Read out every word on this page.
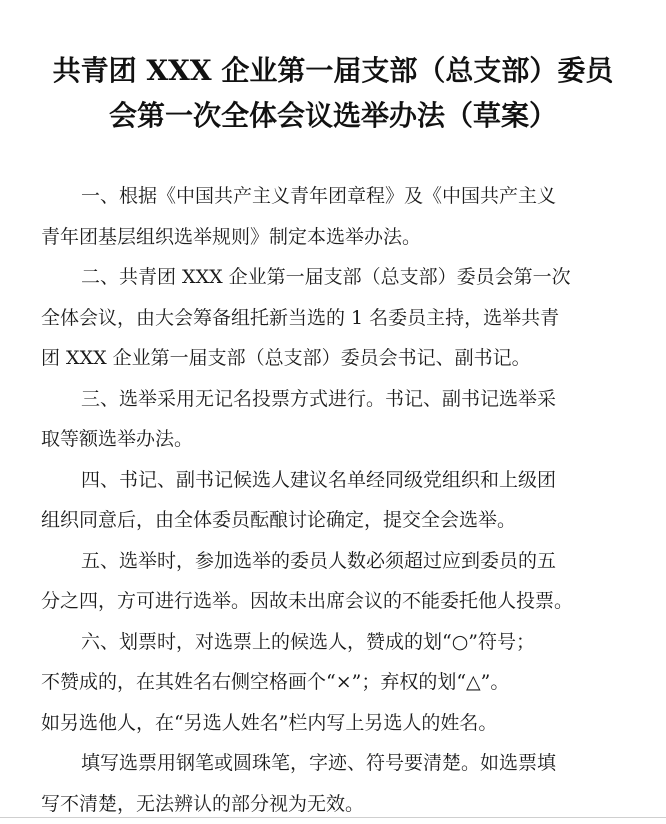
共青团 XXX 企业第一届支部（总支部）委员
会第一次全体会议选举办法（草案）

一、根据《中国共产主义青年团章程》及《中国共产主义
青年团基层组织选举规则》制定本选举办法。

二、共青团 XXX 企业第一届支部（总支部）委员会第一次
全体会议，由大会筹备组托新当选的 1 名委员主持，选举共青
团 XXX 企业第一届支部（总支部）委员会书记、副书记。

三、选举采用无记名投票方式进行。书记、副书记选举采
取等额选举办法。

四、书记、副书记候选人建议名单经同级党组织和上级团
组织同意后，由全体委员酝酿讨论确定，提交全会选举。

五、选举时，参加选举的委员人数必须超过应到委员的五
分之四，方可进行选举。因故未出席会议的不能委托他人投票。

六、划票时，对选票上的候选人，赞成的划“○”符号；
不赞成的，在其姓名右侧空格画个“×”；弃权的划“△”。
如另选他人，在“另选人姓名”栏内写上另选人的姓名。

填写选票用钢笔或圆珠笔，字迹、符号要清楚。如选票填
写不清楚，无法辨认的部分视为无效。
